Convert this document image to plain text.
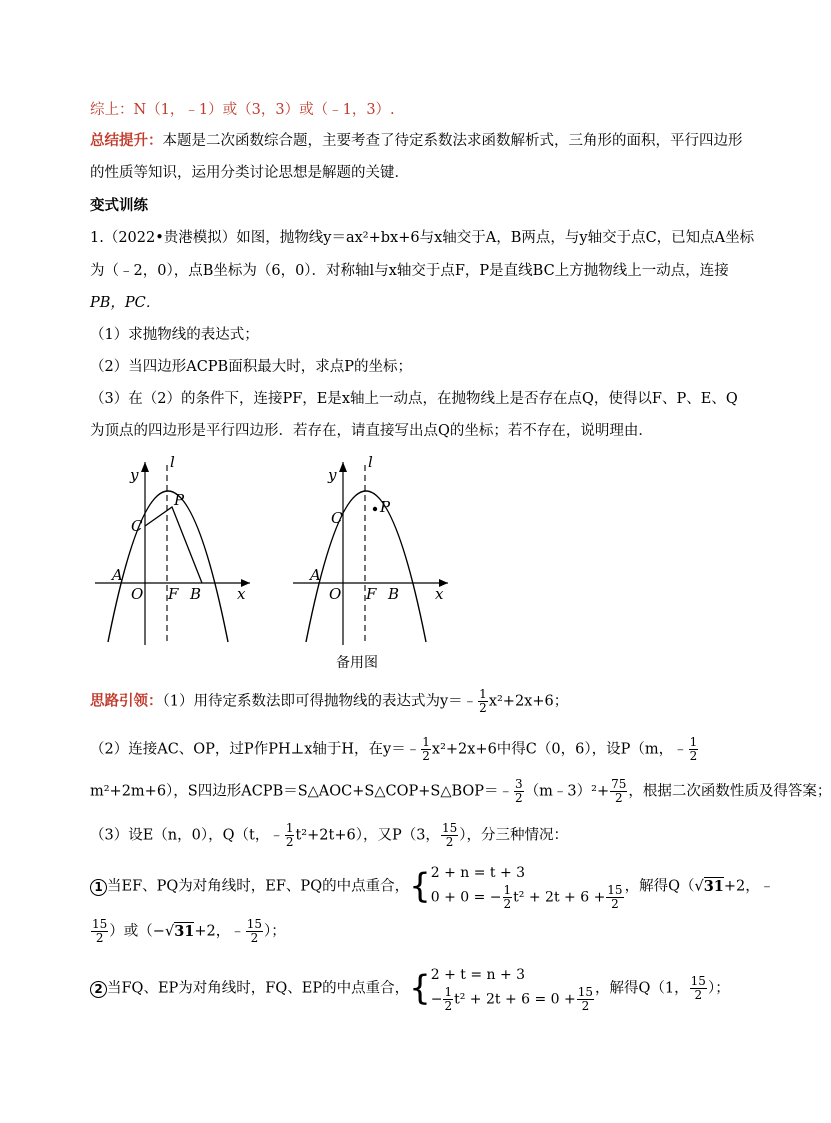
综上：N（1，﹣1）或（3，3）或（﹣1，3）.
总结提升：本题是二次函数综合题，主要考查了待定系数法求函数解析式，三角形的面积，平行四边形
的性质等知识，运用分类讨论思想是解题的关键．
变式训练
1.（2022•贵港模拟）如图，抛物线y＝ax²+bx+6与x轴交于A，B两点，与y轴交于点C，已知点A坐标
为（﹣2，0），点B坐标为（6，0）．对称轴l与x轴交于点F，P是直线BC上方抛物线上一动点，连接
PB，PC．
（1）求抛物线的表达式；
（2）当四边形ACPB面积最大时，求点P的坐标；
（3）在（2）的条件下，连接PF，E是x轴上一动点，在抛物线上是否存在点Q，使得以F、P、E、Q
为顶点的四边形是平行四边形．若存在，请直接写出点Q的坐标；若不存在，说明理由．
y
l
P
C
A
O F B x
y
l
P
C
A
O F B x
备用图
思路引领：（1）用待定系数法即可得抛物线的表达式为y＝﹣ $\frac{1}{2} x^2+2x+6$；
（2）连接AC、OP，过P作PH⊥x轴于H，在y＝﹣ $\frac{1}{2} x^2+2x+6$中得C（0，6），设P（m，﹣ $\frac{1}{2}$
m²+2m+6），S四边形ACPB＝S△AOC+S△COP+S△BOP＝﹣ $\frac{3}{2}$ （m﹣3）²+ $\frac{75}{2}$ ，根据二次函数性质及得答案；
（3）设E（n，0），Q（t，﹣ $\frac{1}{2} t^2+2t+6$），又P（3， $\frac{15}{2}$ ），分三种情况：
1 当EF、PQ为对角线时，EF、PQ的中点重合，{ 2 + n = t + 3
0 + 0 = − $\frac{1}{2} t^2 + 2t + 6 + \frac{15}{2}$ ，解得Q（√31+2，﹣
$\frac{15}{2}$ ）或（−√31+2，﹣ $\frac{15}{2}$ ）；
2 当FQ、EP为对角线时，FQ、EP的中点重合，{ 2 + t = n + 3
− $\frac{1}{2} t^2 + 2t + 6 = 0 + \frac{15}{2}$ ，解得Q（1， $\frac{15}{2}$ ）；
